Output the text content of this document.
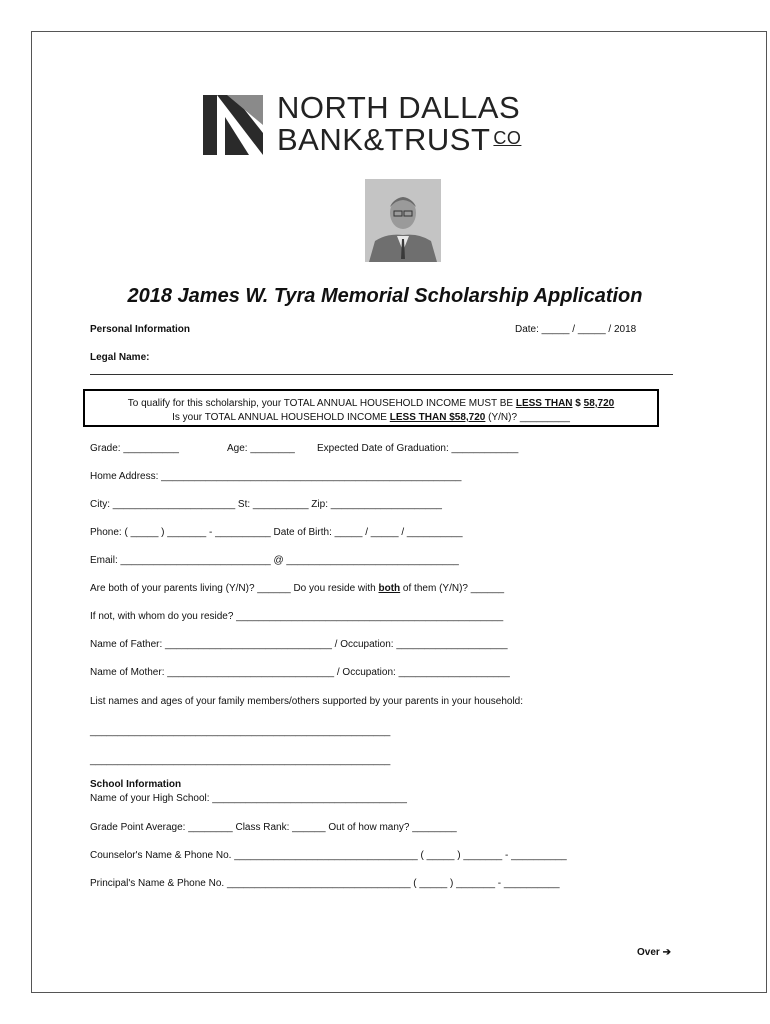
NORTH DALLAS
BANK&TRUST CO
2018 James W. Tyra Memorial Scholarship Application
Personal Information	Date: _____ / _____ / 2018
Legal Name:
To qualify for this scholarship, your TOTAL ANNUAL HOUSEHOLD INCOME MUST BE LESS THAN $ 58,720
Is your TOTAL ANNUAL HOUSEHOLD INCOME LESS THAN $58,720 (Y/N)? _________
Grade: __________	Age: ________ Expected Date of Graduation: ____________
Home Address: ______________________________________________________
City: ______________________ St: __________ Zip: ____________________
Phone: ( _____ ) _______ - __________ Date of Birth: _____ / _____ / __________
Email: ___________________________ @ _______________________________
Are both of your parents living (Y/N)? ______ Do you reside with both of them (Y/N)? ______
If not, with whom do you reside? ________________________________________________
Name of Father: ______________________________ / Occupation: ____________________
Name of Mother: ______________________________ / Occupation: ____________________
List names and ages of your family members/others supported by your parents in your household:
______________________________________________________
______________________________________________________
School Information
Name of your High School: ___________________________________
Grade Point Average: ________ Class Rank: ______ Out of how many? ________
Counselor's Name & Phone No. _________________________________ ( _____ ) _______ - __________
Principal's Name & Phone No. _________________________________ ( _____ ) _______ - __________
Over ➔
